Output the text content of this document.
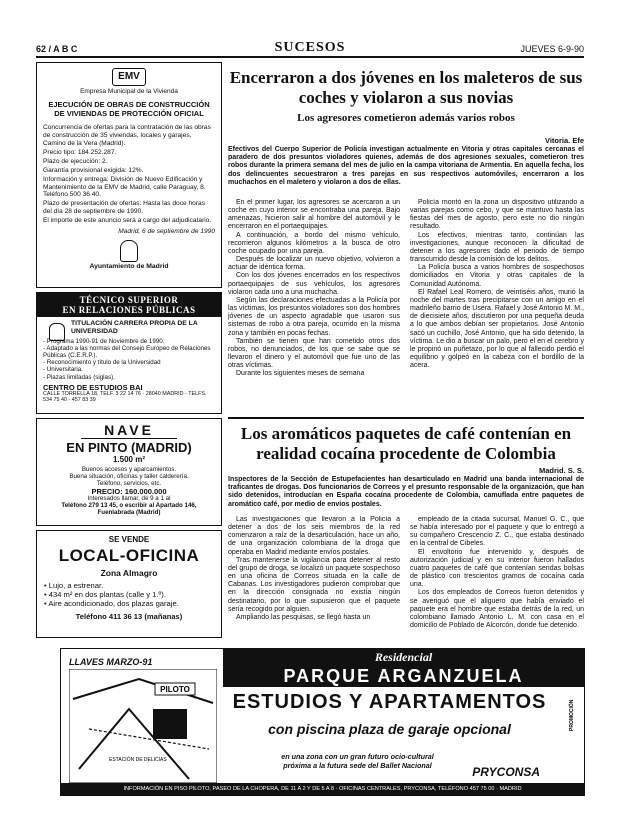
62 / A B C	SUCESOS	JUEVES 6-9-90
EMV
Empresa Municipal de la Vivienda
EJECUCIÓN DE OBRAS DE CONSTRUCCIÓN DE VIVIENDAS DE PROTECCIÓN OFICIAL

Concurrencia de ofertas para la contratación de las obras de construcción de 35 viviendas, locales y garajes, Camino de la Vera (Madrid).

Precio tipo: 184.252.287.

Plazo de ejecución: 2.

Garantía provisional exigida: 12%.

Información y entrega: División de Nuevo Edificación y Mantenimiento de la EMV de Madrid, calle Paraguay, 8. Teléfono 500 36 40.

Plazo de presentación de ofertas: Hasta las doce horas del día 28 de septiembre de 1990.

El importe de este anuncio será a cargo del adjudicatario.

Madrid, 6 de septiembre de 1990

Ayuntamiento de Madrid
TÉCNICO SUPERIOR
EN RELACIONES PÚBLICAS
TITULACIÓN CARRERA PROPIA DE LA UNIVERSIDAD
- Programa 1990-91 de Noviembre de 1990.
- Adaptado a las normas del Consejo Europeo de Relaciones Públicas (C.E.R.P.).
- Reconocimiento y título de la Universidad
- Universitaria.
- Plazas limitadas (siglas).
CENTRO DE ESTUDIOS BAI
CALLE TORRELLA 18, TELF. 3 22 14 76 · 28040 MADRID - TELFS. 534 75 40 - 457 83 39
NAVE
EN PINTO (MADRID)
1.500 m²
Buenos accesos y aparcamientos.
Buena situación, oficinas y taller calderería.
Teléfono, servicios, etc.
PRECIO: 160.000.000
Interesados llamar, de 9 a 1 al
Teléfono 279 13 45, o escribir al Apartado 146, Fuenlabrada (Madrid)
SE VENDE
LOCAL-OFICINA
Zona Almagro
• Lujo, a estrenar.
• 434 m² en dos plantas (calle y 1.º).
• Aire acondicionado, dos plazas garaje.
Teléfono 411 36 13 (mañanas)
Encerraron a dos jóvenes en los maleteros de sus coches y violaron a sus novias
Los agresores cometieron además varios robos
Vitoria. Efe
Efectivos del Cuerpo Superior de Policía investigan actualmente en Vitoria y otras capitales cercanas el paradero de dos presuntos violadores quienes, además de dos agresiones sexuales, cometieron tres robos durante la primera semana del mes de julio en la campa vitoriana de Armentia. En aquella fecha, los dos delincuentes secuestraron a tres parejas en sus respectivos automóviles, encerraron a los muchachos en el maletero y violaron a dos de ellas.

En el primer lugar, los agresores se acercaron a un coche en cuyo interior se encontraba una pareja. Bajo amenazas, hicieron salir al hombre del automóvil y le encerraron en el portaequipajes.

A continuación, a bordo del mismo vehículo, recorrieron algunos kilómetros a la busca de otro coche ocupado por una pareja.

Después de localizar un nuevo objetivo, volvieron a actuar de idéntica forma.

Con los dos jóvenes encerrados en los respectivos portaequipajes de sus vehículos, los agresores violaron cada uno a una muchacha.

Según las declaraciones efectuadas a la Policía por las víctimas, los presuntos violadores son dos hombres jóvenes de un aspecto agradable que usaron sus sistemas de robo a otra pareja, ocurrido en la misma zona y también en pocas fechas.

También se tienen que han cometido otros dos robos, no denunciados, de los que se sabe que se llevaron el dinero y el automóvil que fue uno de las otras víctimas.

Durante los siguientes meses de semana

Policía montó en la zona un dispositivo utilizando a varias parejas como cebo, y que se mantuvo hasta las fiestas del mes de agosto, pero este no dio ningún resultado.

Los efectivos, mientras tanto, continúan las investigaciones, aunque reconocen la dificultad de detener a los agresores dado el periodo de tiempo transcurrido desde la comisión de los delitos.

La Policía busca a varios hombres de sospechosos domiciliados en Vitoria y otras capitales de la Comunidad Autónoma.

El Rafael Leal Romero, de veintiséis años, murió la noche del martes tras precipitarse con un amigo en el madrileño barrio de Usera. Rafael y José Antonio M. M., de diecisiete años, discutieron por una pequeña deuda a lo que ambos debían ser propietarios. José Antonio sacó un cuchillo, José Antonio, que ha sido detenido, la víctima. Le dio a buscar un palo, pero el en el cerebro y le propinó un puñetazo, por lo que al fallecido perdió el equilibrio y golpeó en la cabeza con el bordillo de la acera.

Los aromáticos paquetes de café contenían en realidad cocaína procedente de Colombia
Madrid. S. S.
Inspectores de la Sección de Estupefacientes han desarticulado en Madrid una banda internacional de traficantes de drogas. Dos funcionarios de Correos y el presunto responsable de la organización, que han sido detenidos, introducían en España cocaína procedente de Colombia, camuflada entre paquetes de aromático café, por medio de envíos postales.

Las investigaciones que llevaron a la Policía a detener a dos de los seis miembros de la red comenzaron a raíz de la desarticulación, hace un año, de una organización colombiana de la droga que operaba en Madrid mediante envíos postales.

Tras mantenerse la vigilancia para detener al resto del grupo de droga, se localizó un paquete sospechoso en una oficina de Correos situada en la calle de Cabanas. Los investigadores pudieron comprobar que en la dirección consignada no existía ningún destinatario, por lo que supusieron que el paquete sería recogido por alguien.

Ampliando las pesquisas, se llegó hasta un

empleado de la citada sucursal, Manuel G. C., que se había interesado por el paquete y que lo entregó a su compañero Crescencio Z. C., que estaba destinado en la central de Cibeles.

El envoltorio fue intervenido y, después de autorización judicial y en su interior fueron hallados cuatro paquetes de café que contenían sendas bolsas de plástico con trescientos gramos de cocaína cada una.

Los dos empleados de Correos fueron detenidos y se averiguó que el aliguero que había enviado el paquete era el hombre que estaba detrás de la red, un colombiano llamado Antonio L. M. con casa en el domicilio de Poblado de Alcorcón, donde fue detenido.

LLAVES MARZO-91
PILOTO
ESTACIÓN DE DELICIAS
Residencial
PARQUE ARGANZUELA
ESTUDIOS Y APARTAMENTOS
con piscina plaza de garaje opcional
en una zona con un gran futuro ocio-cultural
próxima a la futura sede del Ballet Nacional
PROMOCIÓN
PRYCONSA
INFORMACIÓN EN PISO PILOTO, PASEO DE LA CHOPERA, DE 11 A 2 Y DE 5 A 8 · OFICINAS CENTRALES, PRYCONSA, TELÉFONO 457 75 00 · MADRID
